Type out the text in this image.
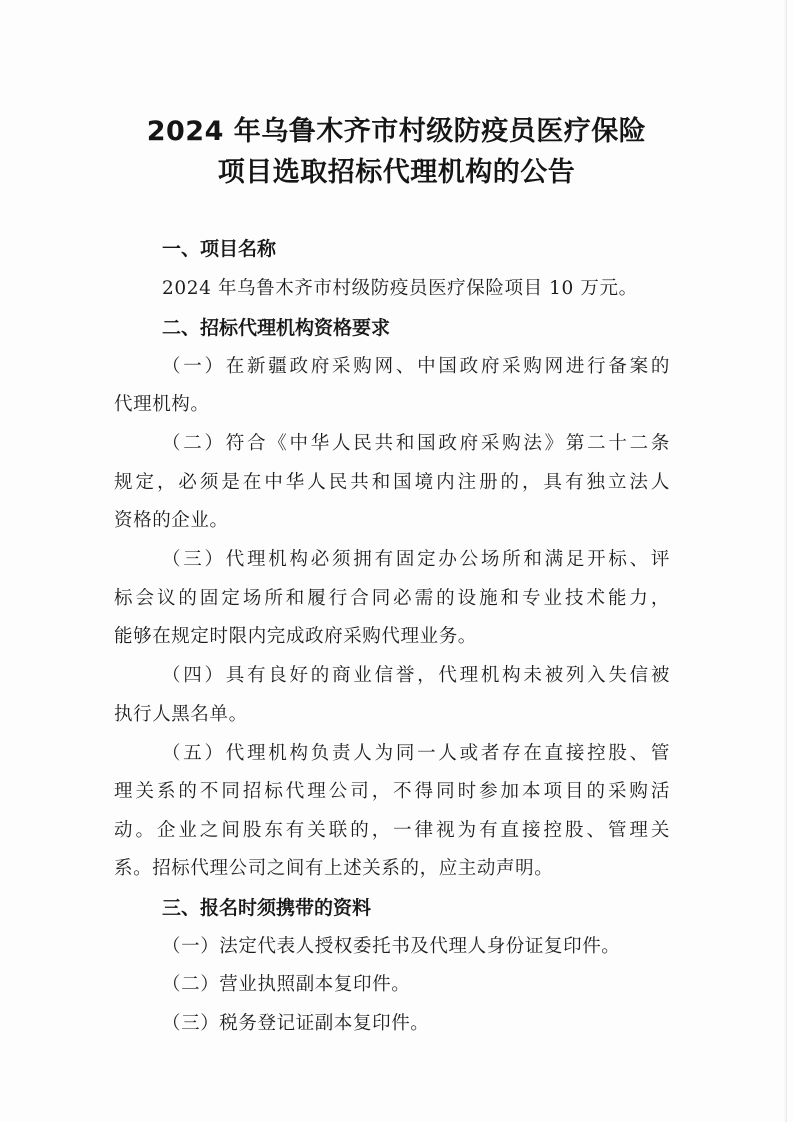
2024 年乌鲁木齐市村级防疫员医疗保险
项目选取招标代理机构的公告
一、项目名称
2024 年乌鲁木齐市村级防疫员医疗保险项目 10 万元。
二、招标代理机构资格要求
（一）在新疆政府采购网、中国政府采购网进行备案的
代理机构。
（二）符合《中华人民共和国政府采购法》第二十二条
规定，必须是在中华人民共和国境内注册的，具有独立法人
资格的企业。
（三）代理机构必须拥有固定办公场所和满足开标、评
标会议的固定场所和履行合同必需的设施和专业技术能力，
能够在规定时限内完成政府采购代理业务。
（四）具有良好的商业信誉，代理机构未被列入失信被
执行人黑名单。
（五）代理机构负责人为同一人或者存在直接控股、管
理关系的不同招标代理公司，不得同时参加本项目的采购活
动。企业之间股东有关联的，一律视为有直接控股、管理关
系。招标代理公司之间有上述关系的，应主动声明。
三、报名时须携带的资料
（一）法定代表人授权委托书及代理人身份证复印件。
（二）营业执照副本复印件。
（三）税务登记证副本复印件。
